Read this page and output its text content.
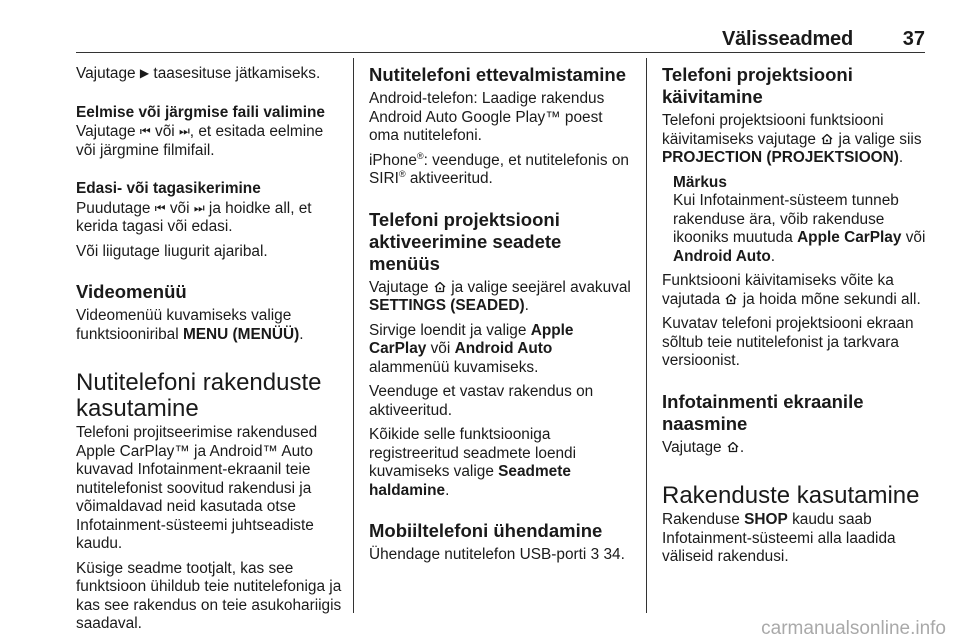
Välisseadmed 37

Vajutage ▶ taasesituse jätkamiseks.

Eelmise või järgmise faili valimine

Vajutage ⏮ või ⏭, et esitada eelmine või järgmine filmifail.

Edasi- või tagasikerimine

Puudutage ⏮ või ⏭ ja hoidke all, et kerida tagasi või edasi.

Või liigutage liugurit ajaribal.

Videomenüü

Videomenüü kuvamiseks valige funktsiooniribal MENU (MENÜÜ).

Nutitelefoni rakenduste kasutamine

Telefoni projitseerimise rakendused Apple CarPlay™ ja Android™ Auto kuvavad Infotainment-ekraanil teie nutitelefonist soovitud rakendusi ja võimaldavad neid kasutada otse Infotainment-süsteemi juhtseadiste kaudu.

Küsige seadme tootjalt, kas see funktsioon ühildub teie nutitelefoniga ja kas see rakendus on teie asukohariigis saadaval.

Nutitelefoni ettevalmistamine

Android-telefon: Laadige rakendus Android Auto Google Play™ poest oma nutitelefoni.

iPhone®: veenduge, et nutitelefonis on SIRI® aktiveeritud.

Telefoni projektsiooni aktiveerimine seadete menüüs

Vajutage ja valige seejärel avakuval SETTINGS (SEADED).

Sirvige loendit ja valige Apple CarPlay või Android Auto alammenüü kuvamiseks.

Veenduge et vastav rakendus on aktiveeritud.

Kõikide selle funktsiooniga registreeritud seadmete loendi kuvamiseks valige Seadmete haldamine.

Mobiiltelefoni ühendamine

Ühendage nutitelefon USB-porti 3 34.

Telefoni projektsiooni käivitamine

Telefoni projektsiooni funktsiooni käivitamiseks vajutage ja valige siis PROJECTION (PROJEKTSIOON).

Märkus

Kui Infotainment-süsteem tunneb rakenduse ära, võib rakenduse ikooniks muutuda Apple CarPlay või Android Auto.

Funktsiooni käivitamiseks võite ka vajutada ja hoida mõne sekundi all.

Kuvatav telefoni projektsiooni ekraan sõltub teie nutitelefonist ja tarkvara versioonist.

Infotainmenti ekraanile naasmine

Vajutage .

Rakenduste kasutamine

Rakenduse SHOP kaudu saab Infotainment-süsteemi alla laadida väliseid rakendusi.

carmanualsonline.info
